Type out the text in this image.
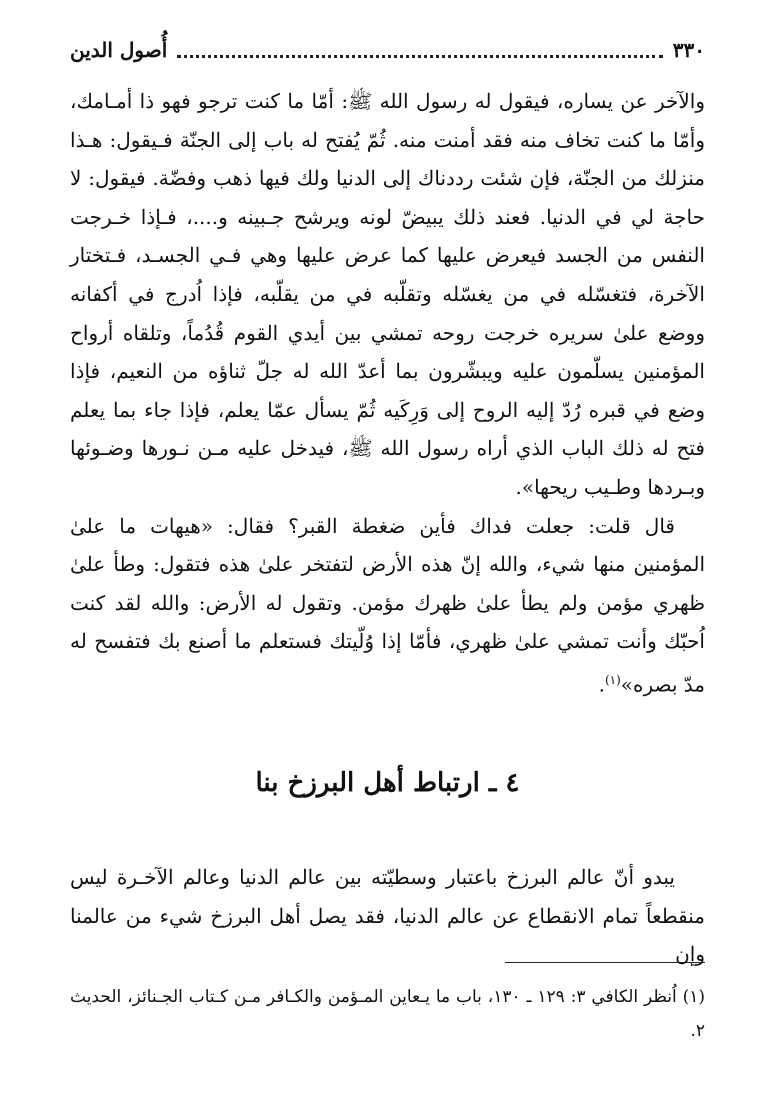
٣٣٠
أُصول الدين

والآخر عن يساره، فيقول له رسول الله ﷺ: أمّا ما كنت ترجو فهو ذا أمـامك، وأمّا ما كنت تخاف منه فقد أمنت منه. ثُمّ يُفتح له باب إلى الجنّة فـيقول: هـذا منزلك من الجنّة، فإن شئت رددناك إلى الدنيا ولك فيها ذهب وفضّة. فيقول: لا حاجة لي في الدنيا. فعند ذلك يبيضّ لونه ويرشح جـبينه و....، فـإذا خـرجت النفس من الجسد فيعرض عليها كما عرض عليها وهي فـي الجسـد، فـتختار الآخرة، فتغسّله في من يغسّله وتقلّبه في من يقلّبه، فإذا اُدرج في أكفانه ووضع علىٰ سريره خرجت روحه تمشي بين أيدي القوم قُدُماً، وتلقاه أرواح المؤمنين يسلّمون عليه ويبشّرون بما أعدّ الله له جلّ ثناؤه من النعيم، فإذا وضع في قبره رُدّ إليه الروح إلى وَرِكَيه ثُمّ يسأل عمّا يعلم، فإذا جاء بما يعلم فتح له ذلك الباب الذي أراه رسول الله ﷺ، فيدخل عليه مـن نـورها وضـوئها وبـردها وطـيب ريحها».

قال قلت: جعلت فداك فأين ضغطة القبر؟ فقال: «هيهات ما علىٰ المؤمنين منها شيء، والله إنّ هذه الأرض لتفتخر علىٰ هذه فتقول: وطأ علىٰ ظهري مؤمن ولم يطأ علىٰ ظهرك مؤمن. وتقول له الأرض: والله لقد كنت اُحبّك وأنت تمشي علىٰ ظهري، فأمّا إذا وُلّيتك فستعلم ما أصنع بك فتفسح له مدّ بصره»$^{(١)}$.

٤ ـ ارتباط أهل البرزخ بنا

يبدو أنّ عالم البرزخ باعتبار وسطيّته بين عالم الدنيا وعالم الآخـرة ليس منقطعاً تمام الانقطاع عن عالم الدنيا، فقد يصل أهل البرزخ شيء من عالمنا وإن

(١) اُنظر الكافي ٣: ١٢٩ ـ ١٣٠، باب ما يـعاين المـؤمن والكـافر مـن كـتاب الجـنائز، الحديث ٢.
